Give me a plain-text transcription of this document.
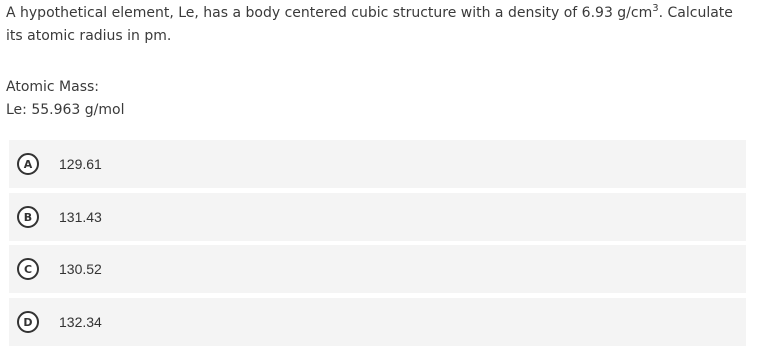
A hypothetical element, Le, has a body centered cubic structure with a density of 6.93 $g/cm^3$. Calculate its atomic radius in pm.
Atomic Mass:
Le: 55.963 g/mol
A	129.61
B	131.43
C	130.52
D	132.34
